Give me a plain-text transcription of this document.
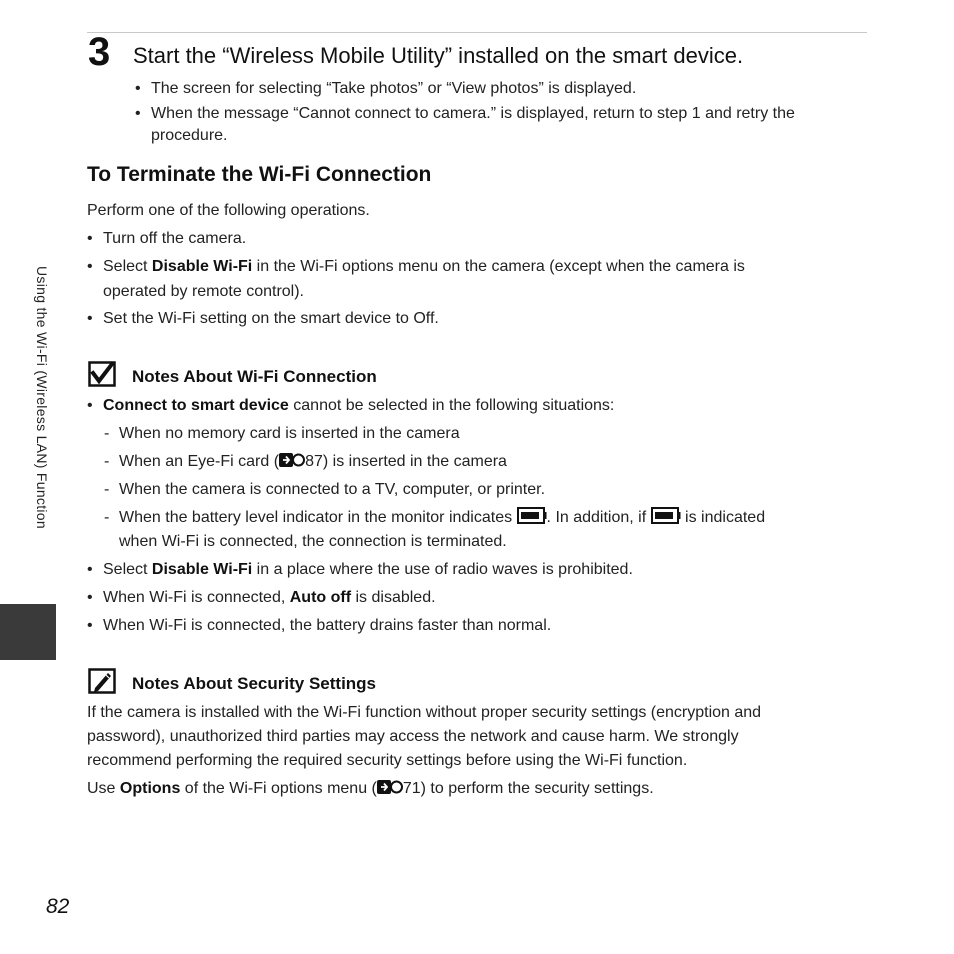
3 Start the “Wireless Mobile Utility” installed on the smart device.
• The screen for selecting “Take photos” or “View photos” is displayed.
• When the message “Cannot connect to camera.” is displayed, return to step 1 and retry the
procedure.
To Terminate the Wi-Fi Connection
Perform one of the following operations.
• Turn off the camera.
• Select Disable Wi-Fi in the Wi-Fi options menu on the camera (except when the camera is
operated by remote control).
• Set the Wi-Fi setting on the smart device to Off.
Notes About Wi-Fi Connection
• Connect to smart device cannot be selected in the following situations:
- When no memory card is inserted in the camera
- When an Eye-Fi card ( 87) is inserted in the camera
- When the camera is connected to a TV, computer, or printer.
- When the battery level indicator in the monitor indicates . In addition, if  is indicated
when Wi-Fi is connected, the connection is terminated.
• Select Disable Wi-Fi in a place where the use of radio waves is prohibited.
• When Wi-Fi is connected, Auto off is disabled.
• When Wi-Fi is connected, the battery drains faster than normal.
Notes About Security Settings
If the camera is installed with the Wi-Fi function without proper security settings (encryption and
password), unauthorized third parties may access the network and cause harm. We strongly
recommend performing the required security settings before using the Wi-Fi function.
Use Options of the Wi-Fi options menu ( 71) to perform the security settings.
Using the Wi-Fi (Wireless LAN) Function
82
